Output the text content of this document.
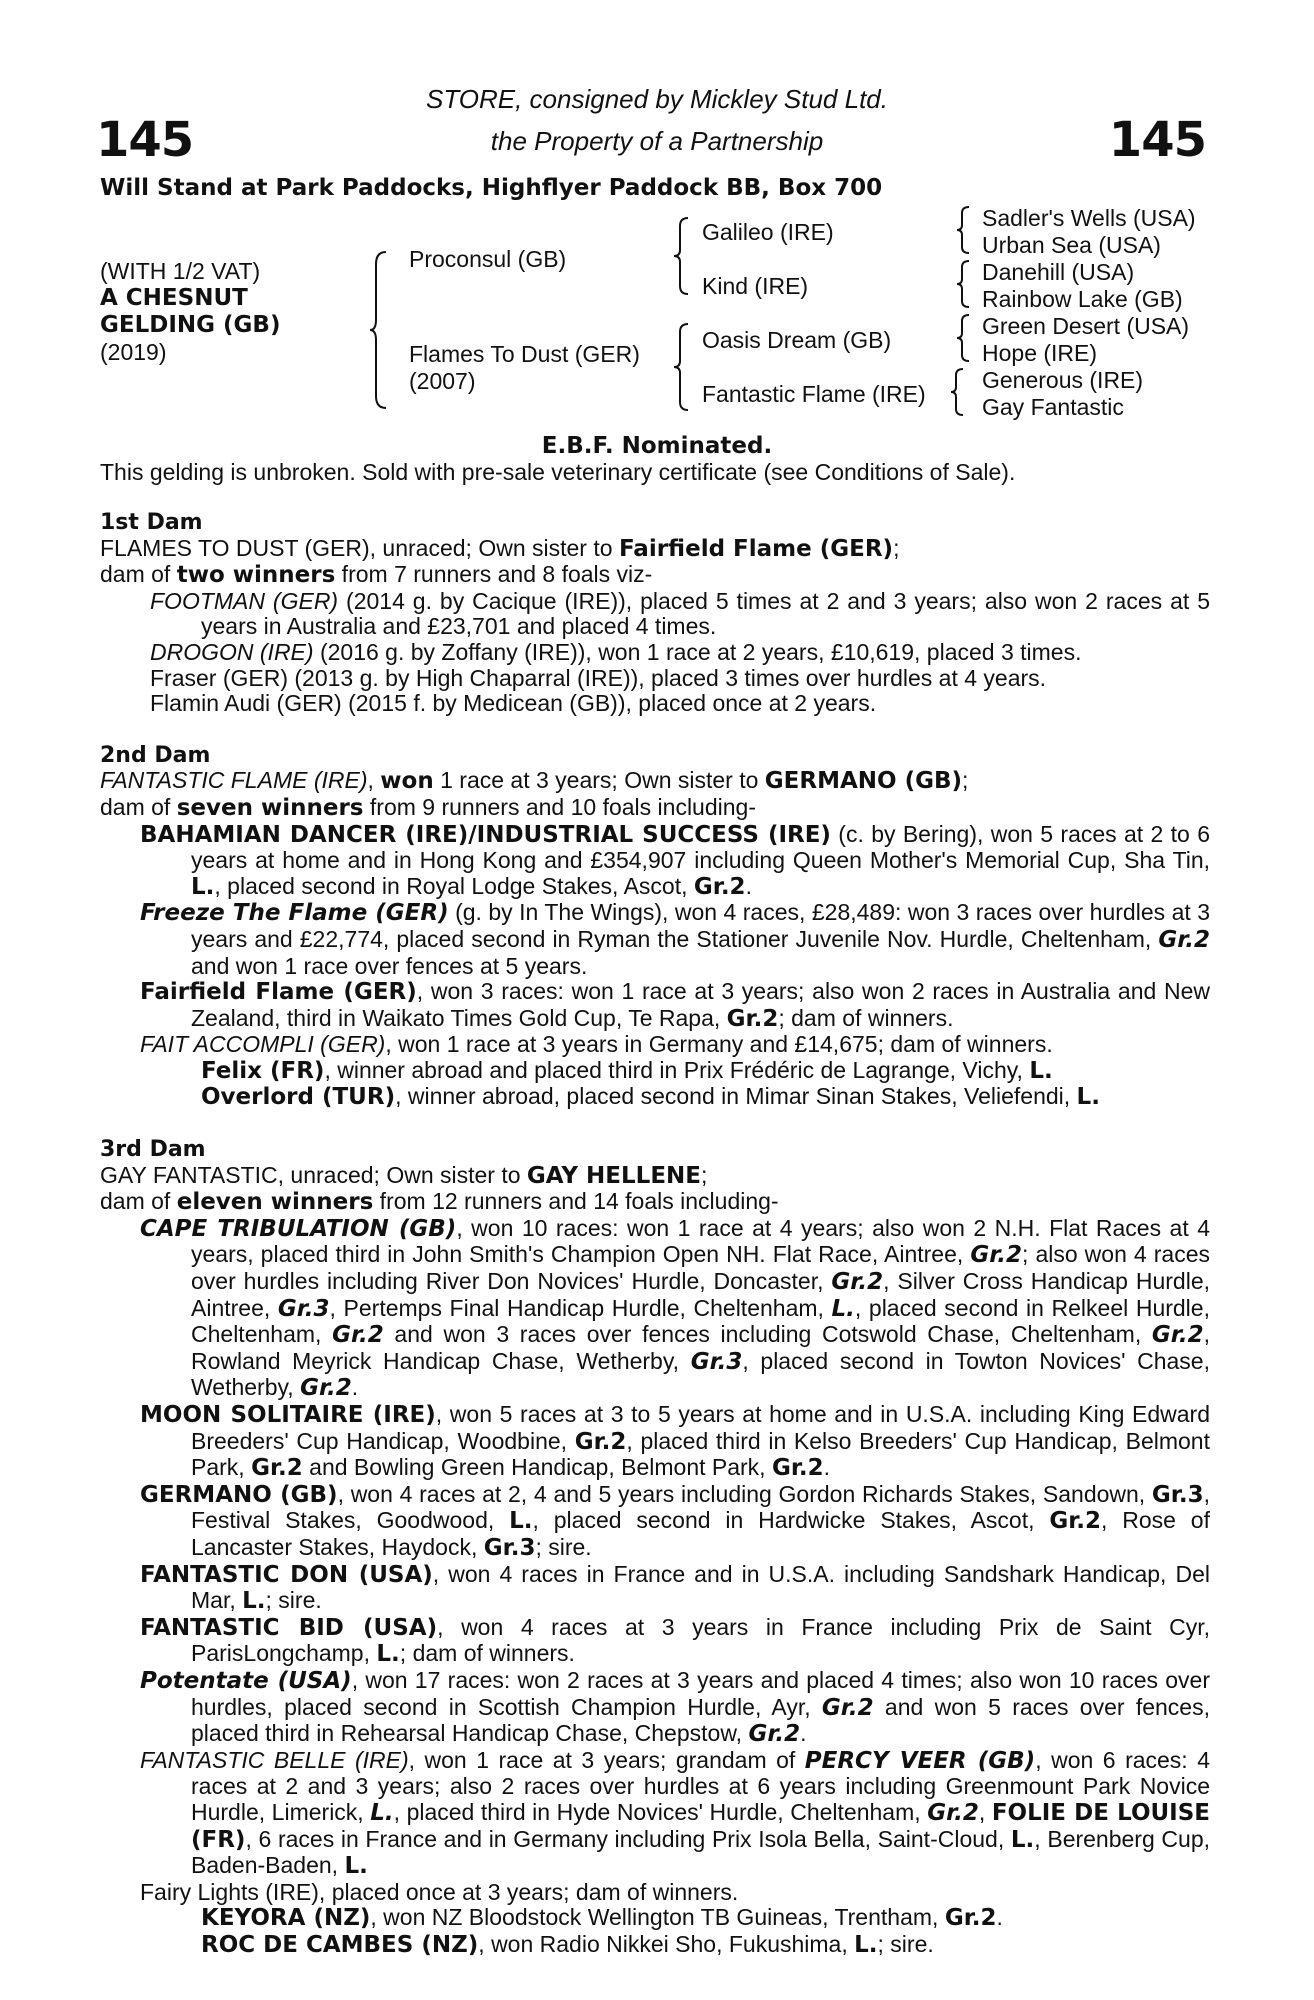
145	145
STORE, consigned by Mickley Stud Ltd.
the Property of a Partnership
Will Stand at Park Paddocks, Highflyer Paddock BB, Box 700
(WITH 1/2 VAT)
A CHESNUT
GELDING (GB)
(2019)
Proconsul (GB)
Flames To Dust (GER)
(2007)
Galileo (IRE)
Kind (IRE)
Oasis Dream (GB)
Fantastic Flame (IRE)
Sadler's Wells (USA)
Urban Sea (USA)
Danehill (USA)
Rainbow Lake (GB)
Green Desert (USA)
Hope (IRE)
Generous (IRE)
Gay Fantastic
E.B.F. Nominated.
This gelding is unbroken. Sold with pre-sale veterinary certificate (see Conditions of Sale).

1st Dam

FLAMES TO DUST (GER), unraced; Own sister to Fairfield Flame (GER);

dam of two winners from 7 runners and 8 foals viz-

FOOTMAN (GER) (2014 g. by Cacique (IRE)), placed 5 times at 2 and 3 years; also won 2 races at 5 years in Australia and £23,701 and placed 4 times.

DROGON (IRE) (2016 g. by Zoffany (IRE)), won 1 race at 2 years, £10,619, placed 3 times.

Fraser (GER) (2013 g. by High Chaparral (IRE)), placed 3 times over hurdles at 4 years.

Flamin Audi (GER) (2015 f. by Medicean (GB)), placed once at 2 years.

2nd Dam

FANTASTIC FLAME (IRE), won 1 race at 3 years; Own sister to GERMANO (GB);

dam of seven winners from 9 runners and 10 foals including-

BAHAMIAN DANCER (IRE)/INDUSTRIAL SUCCESS (IRE) (c. by Bering), won 5 races at 2 to 6 years at home and in Hong Kong and £354,907 including Queen Mother's Memorial Cup, Sha Tin, L., placed second in Royal Lodge Stakes, Ascot, Gr.2.

Freeze The Flame (GER) (g. by In The Wings), won 4 races, £28,489: won 3 races over hurdles at 3 years and £22,774, placed second in Ryman the Stationer Juvenile Nov. Hurdle, Cheltenham, Gr.2 and won 1 race over fences at 5 years.

Fairfield Flame (GER), won 3 races: won 1 race at 3 years; also won 2 races in Australia and New Zealand, third in Waikato Times Gold Cup, Te Rapa, Gr.2; dam of winners.

FAIT ACCOMPLI (GER), won 1 race at 3 years in Germany and £14,675; dam of winners.

Felix (FR), winner abroad and placed third in Prix Frédéric de Lagrange, Vichy, L.

Overlord (TUR), winner abroad, placed second in Mimar Sinan Stakes, Veliefendi, L.

3rd Dam

GAY FANTASTIC, unraced; Own sister to GAY HELLENE;

dam of eleven winners from 12 runners and 14 foals including-

CAPE TRIBULATION (GB), won 10 races: won 1 race at 4 years; also won 2 N.H. Flat Races at 4 years, placed third in John Smith's Champion Open NH. Flat Race, Aintree, Gr.2; also won 4 races over hurdles including River Don Novices' Hurdle, Doncaster, Gr.2, Silver Cross Handicap Hurdle, Aintree, Gr.3, Pertemps Final Handicap Hurdle, Cheltenham, L., placed second in Relkeel Hurdle, Cheltenham, Gr.2 and won 3 races over fences including Cotswold Chase, Cheltenham, Gr.2, Rowland Meyrick Handicap Chase, Wetherby, Gr.3, placed second in Towton Novices' Chase, Wetherby, Gr.2.

MOON SOLITAIRE (IRE), won 5 races at 3 to 5 years at home and in U.S.A. including King Edward Breeders' Cup Handicap, Woodbine, Gr.2, placed third in Kelso Breeders' Cup Handicap, Belmont Park, Gr.2 and Bowling Green Handicap, Belmont Park, Gr.2.

GERMANO (GB), won 4 races at 2, 4 and 5 years including Gordon Richards Stakes, Sandown, Gr.3, Festival Stakes, Goodwood, L., placed second in Hardwicke Stakes, Ascot, Gr.2, Rose of Lancaster Stakes, Haydock, Gr.3; sire.

FANTASTIC DON (USA), won 4 races in France and in U.S.A. including Sandshark Handicap, Del Mar, L.; sire.

FANTASTIC BID (USA), won 4 races at 3 years in France including Prix de Saint Cyr, ParisLongchamp, L.; dam of winners.

Potentate (USA), won 17 races: won 2 races at 3 years and placed 4 times; also won 10 races over hurdles, placed second in Scottish Champion Hurdle, Ayr, Gr.2 and won 5 races over fences, placed third in Rehearsal Handicap Chase, Chepstow, Gr.2.

FANTASTIC BELLE (IRE), won 1 race at 3 years; grandam of PERCY VEER (GB), won 6 races: 4 races at 2 and 3 years; also 2 races over hurdles at 6 years including Greenmount Park Novice Hurdle, Limerick, L., placed third in Hyde Novices' Hurdle, Cheltenham, Gr.2, FOLIE DE LOUISE (FR), 6 races in France and in Germany including Prix Isola Bella, Saint-Cloud, L., Berenberg Cup, Baden-Baden, L.

Fairy Lights (IRE), placed once at 3 years; dam of winners.

KEYORA (NZ), won NZ Bloodstock Wellington TB Guineas, Trentham, Gr.2.

ROC DE CAMBES (NZ), won Radio Nikkei Sho, Fukushima, L.; sire.
